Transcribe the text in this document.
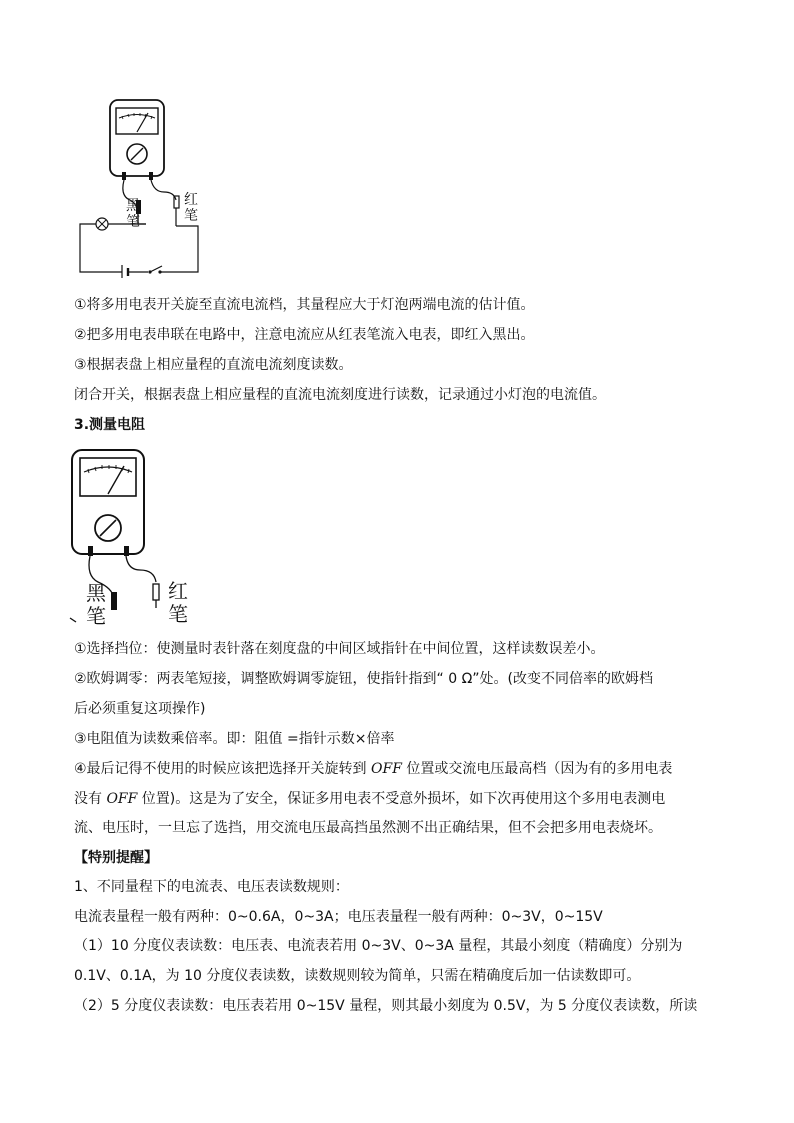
黑
笔
红
笔
①将多用电表开关旋至直流电流档，其量程应大于灯泡两端电流的估计值。
②把多用电表串联在电路中，注意电流应从红表笔流入电表，即红入黑出。
③根据表盘上相应量程的直流电流刻度读数。
闭合开关，根据表盘上相应量程的直流电流刻度进行读数，记录通过小灯泡的电流值。
3.测量电阻
黑
笔
红
笔
①选择挡位：使测量时表针落在刻度盘的中间区域指针在中间位置，这样读数误差小。
②欧姆调零：两表笔短接，调整欧姆调零旋钮，使指针指到“ 0 Ω”处。(改变不同倍率的欧姆档
后必须重复这项操作)
③电阻值为读数乘倍率。即：阻值 =指针示数×倍率
④最后记得不使用的时候应该把选择开关旋转到 OFF 位置或交流电压最高档（因为有的多用电表
没有 OFF 位置)。这是为了安全，保证多用电表不受意外损坏，如下次再使用这个多用电表测电
流、电压时，一旦忘了选挡，用交流电压最高挡虽然测不出正确结果，但不会把多用电表烧坏。
【特别提醒】
1、不同量程下的电流表、电压表读数规则：
电流表量程一般有两种：0~0.6A，0~3A；电压表量程一般有两种：0~3V，0~15V
（1）10 分度仪表读数：电压表、电流表若用 0~3V、0~3A 量程，其最小刻度（精确度）分别为
0.1V、0.1A，为 10 分度仪表读数，读数规则较为简单，只需在精确度后加一估读数即可。
（2）5 分度仪表读数：电压表若用 0~15V 量程，则其最小刻度为 0.5V，为 5 分度仪表读数，所读
